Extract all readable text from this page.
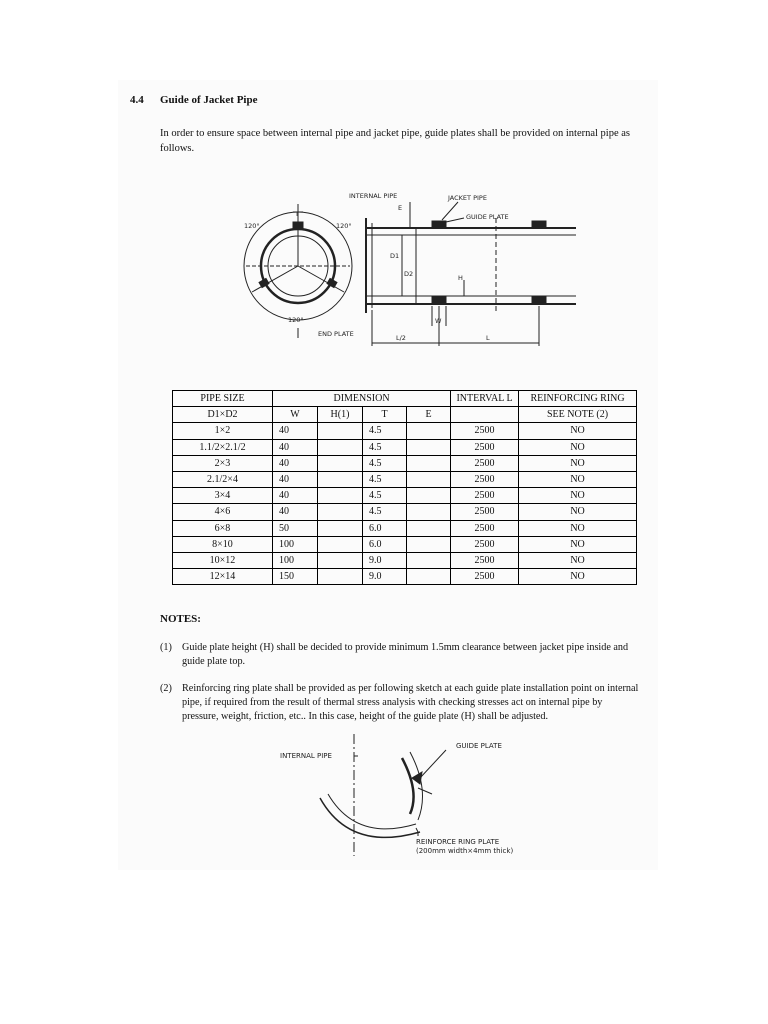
4.4 Guide of Jacket Pipe
In order to ensure space between internal pipe and jacket pipe, guide plates shall be provided on internal pipe as follows.
120°	120°
120°
T
INTERNAL PIPE	JACKET PIPE
GUIDE PLATE
E
D1
D2	H
W
END PLATE	L/2	L
PIPE SIZE	DIMENSION				INTERVAL L	REINFORCING RING
D1×D2	W	H(1)	T	E		SEE NOTE (2)
1×2	40		4.5		2500	NO
1.1/2×2.1/2	40		4.5		2500	NO
2×3	40		4.5		2500	NO
2.1/2×4	40		4.5		2500	NO
3×4	40		4.5		2500	NO
4×6	40		4.5		2500	NO
6×8	50		6.0		2500	NO
8×10	100		6.0		2500	NO
10×12	100		9.0		2500	NO
12×14	150		9.0		2500	NO
NOTES:
(1) Guide plate height (H) shall be decided to provide minimum 1.5mm clearance between jacket pipe inside and guide plate top.
(2) Reinforcing ring plate shall be provided as per following sketch at each guide plate installation point on internal pipe, if required from the result of thermal stress analysis with checking stresses act on internal pipe by pressure, weight, friction, etc.. In this case, height of the guide plate (H) shall be adjusted.
INTERNAL PIPE
GUIDE PLATE
REINFORCE RING PLATE
(200mm width×4mm thick)
